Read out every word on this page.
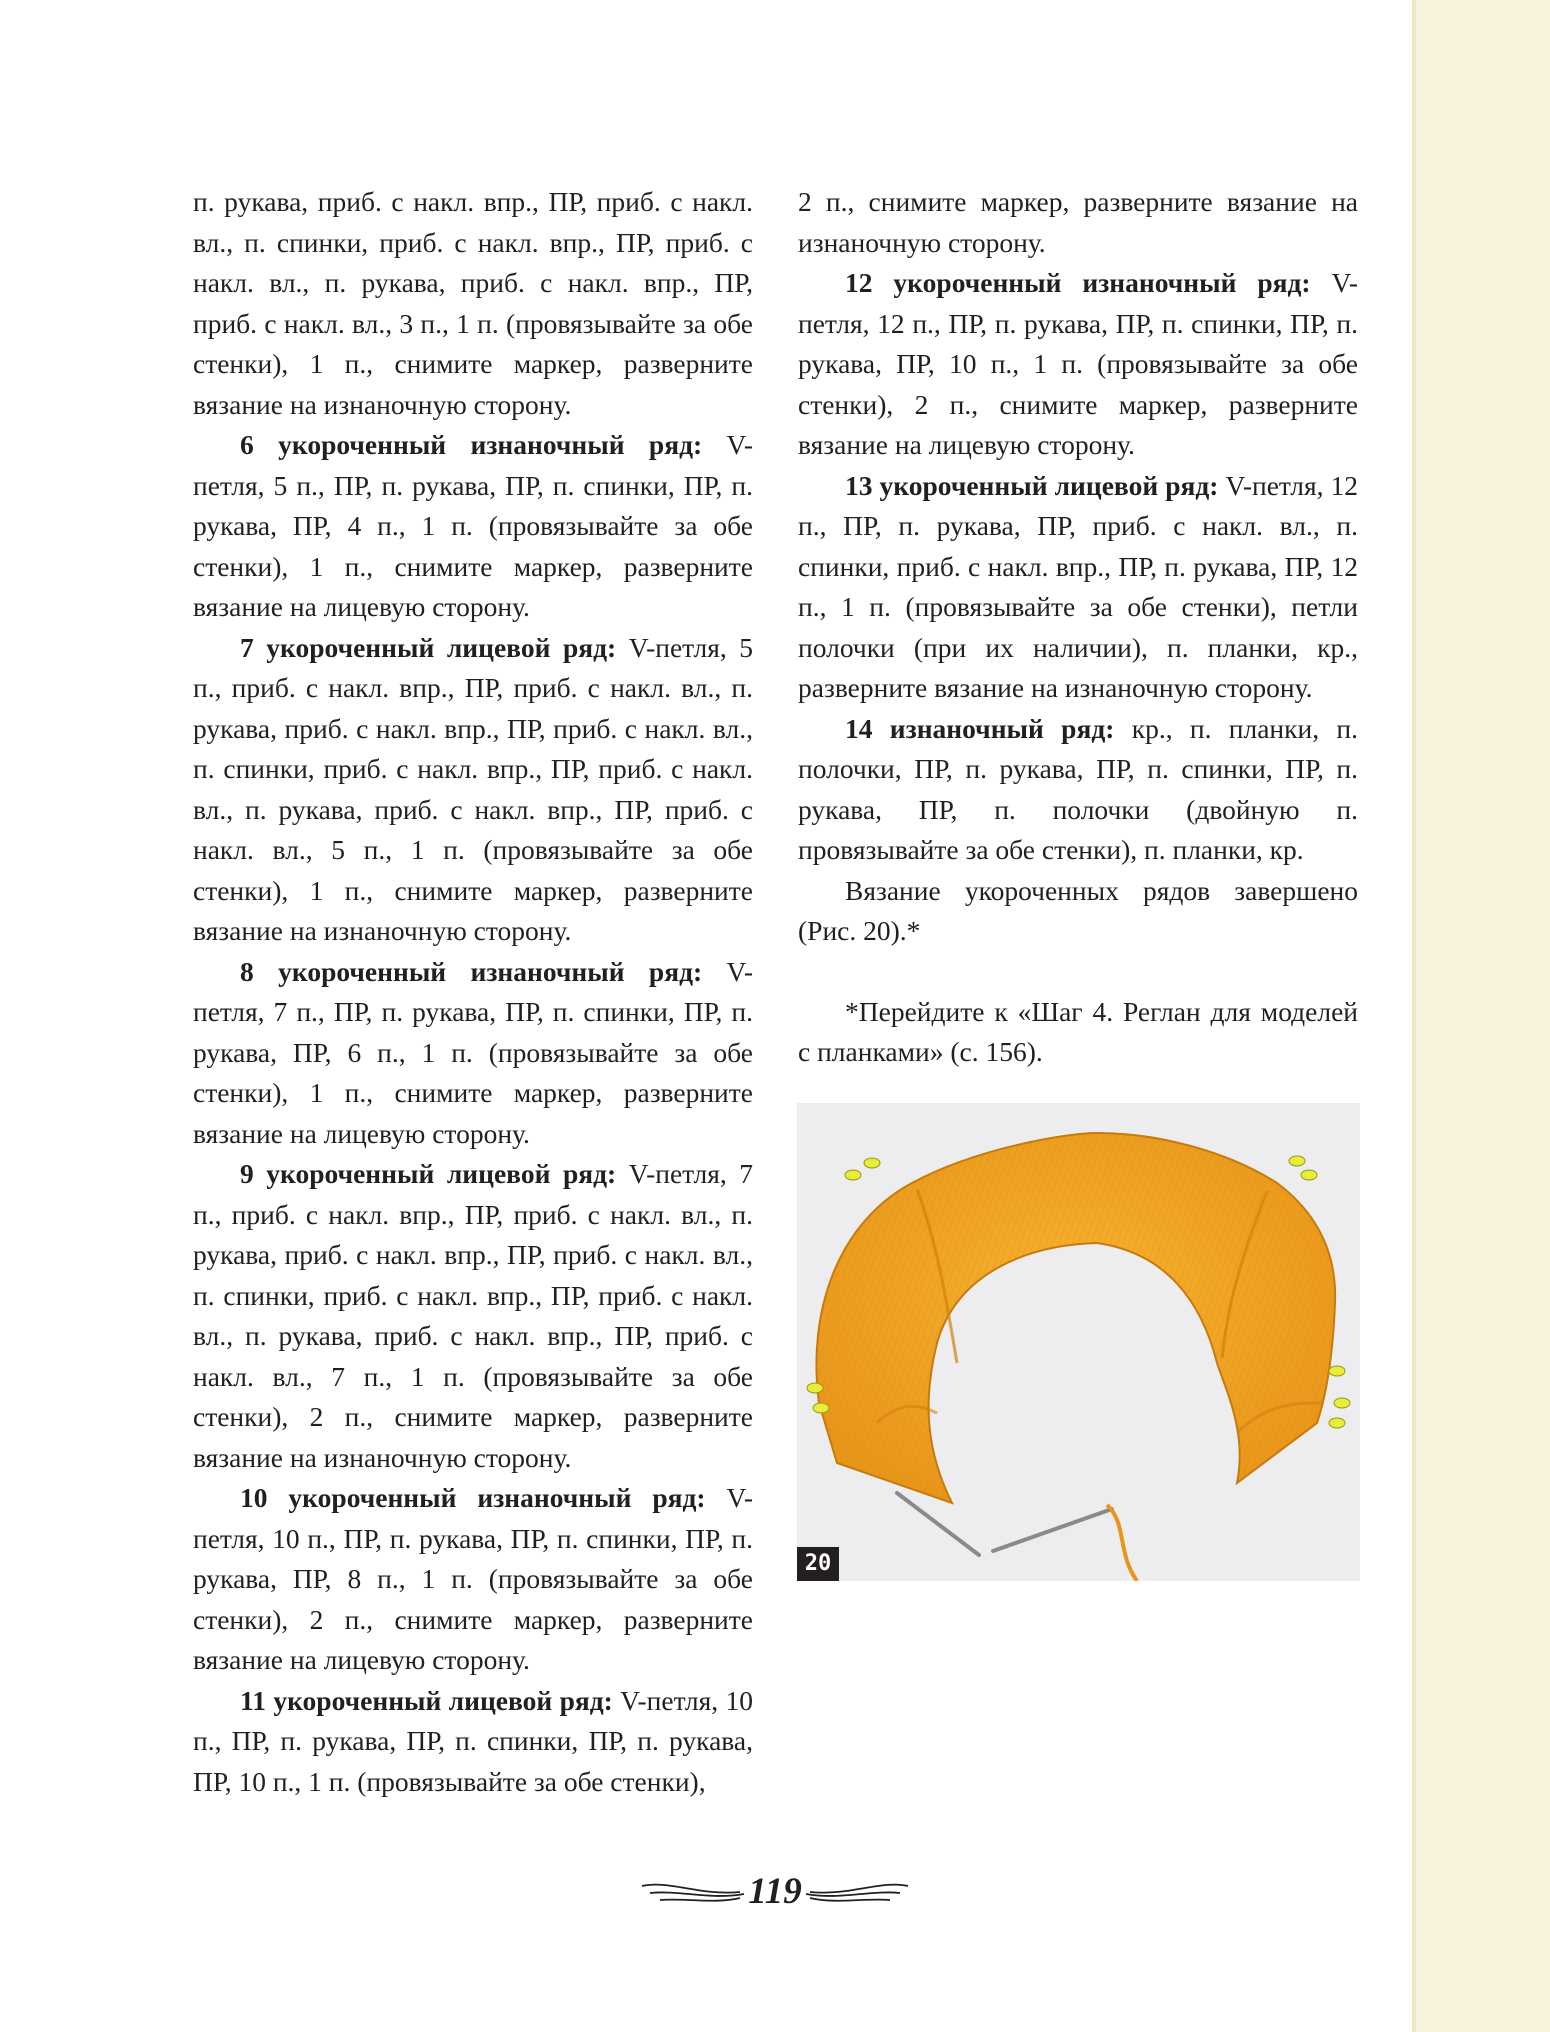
п. рукава, приб. с накл. впр., ПР, приб. с накл. вл., п. спинки, приб. с накл. впр., ПР, приб. с накл. вл., п. рукава, приб. с накл. впр., ПР, приб. с накл. вл., 3 п., 1 п. (провязывайте за обе стенки), 1 п., снимите маркер, разверните вязание на изнаночную сторону.

6 укороченный изнаночный ряд: V-петля, 5 п., ПР, п. рукава, ПР, п. спинки, ПР, п. рукава, ПР, 4 п., 1 п. (провязывайте за обе стенки), 1 п., снимите маркер, разверните вязание на лицевую сторону.

7 укороченный лицевой ряд: V-петля, 5 п., приб. с накл. впр., ПР, приб. с накл. вл., п. рукава, приб. с накл. впр., ПР, приб. с накл. вл., п. спинки, приб. с накл. впр., ПР, приб. с накл. вл., п. рукава, приб. с накл. впр., ПР, приб. с накл. вл., 5 п., 1 п. (провязывайте за обе стенки), 1 п., снимите маркер, разверните вязание на изнаночную сторону.

8 укороченный изнаночный ряд: V-петля, 7 п., ПР, п. рукава, ПР, п. спинки, ПР, п. рукава, ПР, 6 п., 1 п. (провязывайте за обе стенки), 1 п., снимите маркер, разверните вязание на лицевую сторону.

9 укороченный лицевой ряд: V-петля, 7 п., приб. с накл. впр., ПР, приб. с накл. вл., п. рукава, приб. с накл. впр., ПР, приб. с накл. вл., п. спинки, приб. с накл. впр., ПР, приб. с накл. вл., п. рукава, приб. с накл. впр., ПР, приб. с накл. вл., 7 п., 1 п. (провязывайте за обе стенки), 2 п., снимите маркер, разверните вязание на изнаночную сторону.

10 укороченный изнаночный ряд: V-петля, 10 п., ПР, п. рукава, ПР, п. спинки, ПР, п. рукава, ПР, 8 п., 1 п. (провязывайте за обе стенки), 2 п., снимите маркер, разверните вязание на лицевую сторону.

11 укороченный лицевой ряд: V-петля, 10 п., ПР, п. рукава, ПР, п. спинки, ПР, п. рукава, ПР, 10 п., 1 п. (провязывайте за обе стенки),

2 п., снимите маркер, разверните вязание на изнаночную сторону.

12 укороченный изнаночный ряд: V-петля, 12 п., ПР, п. рукава, ПР, п. спинки, ПР, п. рукава, ПР, 10 п., 1 п. (провязывайте за обе стенки), 2 п., снимите маркер, разверните вязание на лицевую сторону.

13 укороченный лицевой ряд: V-петля, 12 п., ПР, п. рукава, ПР, приб. с накл. вл., п. спинки, приб. с накл. впр., ПР, п. рукава, ПР, 12 п., 1 п. (провязывайте за обе стенки), петли полочки (при их наличии), п. планки, кр., разверните вязание на изнаночную сторону.

14 изнаночный ряд: кр., п. планки, п. полочки, ПР, п. рукава, ПР, п. спинки, ПР, п. рукава, ПР, п. полочки (двойную п. провязывайте за обе стенки), п. планки, кр.

Вязание укороченных рядов завершено (Рис. 20).*

*Перейдите к «Шаг 4. Реглан для моделей с планками» (с. 156).

20
119
